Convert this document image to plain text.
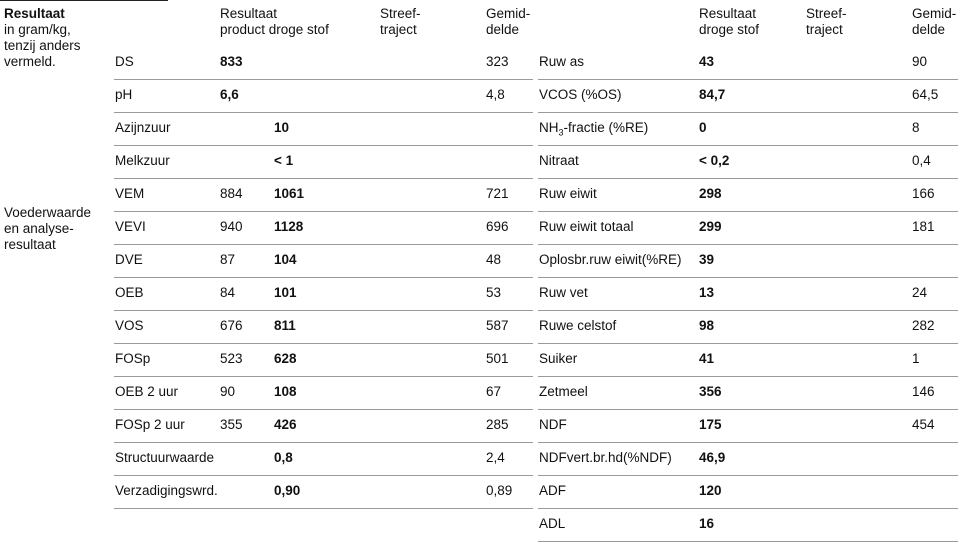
Resultaat
in gram/kg,
tenzij anders
vermeld.
Voederwaarde
en analyse-
resultaat
Resultaat
product droge stof
Streef-
traject
Gemid-
delde
Resultaat
droge stof
Streef-
traject
Gemid-
delde
DS	833	323
pH	6,6	4,8
Azijnzuur	10
Melkzuur	< 1
VEM	884 1061	721
VEVI	940 1128	696
DVE	87	104	48
OEB	84	101	53
VOS	676 811	587
FOSp	523 628	501
OEB 2 uur	90	108	67
FOSp 2 uur	355 426	285
Structuurwaarde	0,8	2,4
Verzadigingswrd.	0,90	0,89
Ruw as	43	90
VCOS (%OS)	84,7	64,5
$NH_3$-fractie (%RE)	0	8
Nitraat	< 0,2	0,4
Ruw eiwit	298	166
Ruw eiwit totaal	299	181
Oplosbr.ruw eiwit(%RE) 39
Ruw vet	13	24
Ruwe celstof	98	282
Suiker	41	1
Zetmeel	356	146
NDF	175	454
NDFvert.br.hd(%NDF) 46,9
ADF	120
ADL	16
